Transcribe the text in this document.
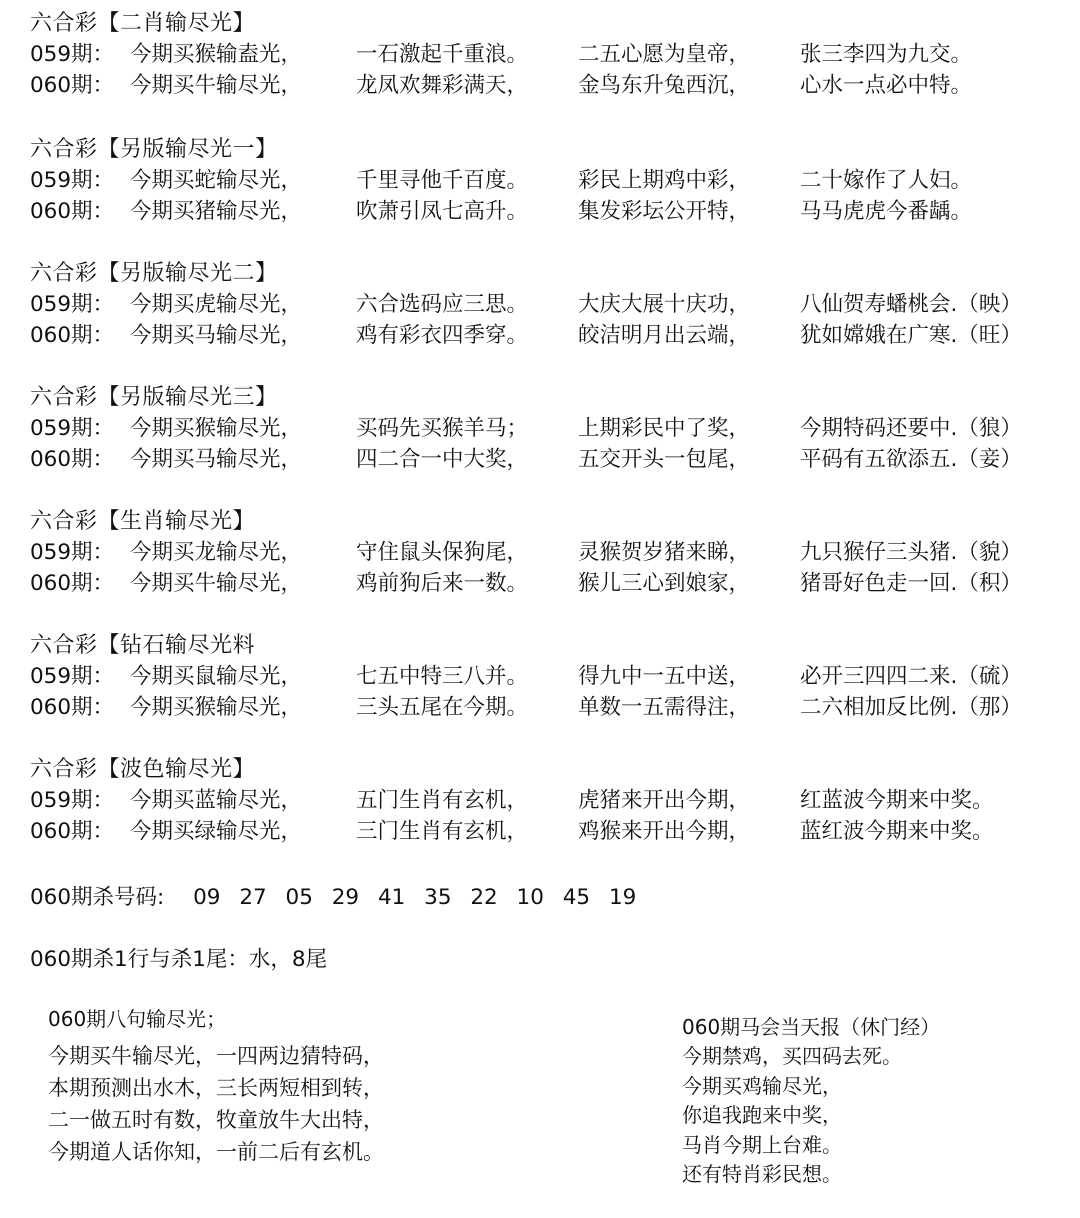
六合彩【二肖输尽光】
059期： 今期买猴输盍光，	一石激起千重浪。 二五心愿为皇帝， 张三李四为九交。
060期： 今期买牛输尽光，	龙凤欢舞彩满天， 金鸟东升兔西沉， 心水一点必中特。
六合彩【另版输尽光一】
059期： 今期买蛇输尽光，	千里寻他千百度。 彩民上期鸡中彩， 二十嫁作了人妇。
060期： 今期买猪输尽光，	吹萧引凤七高升。 集发彩坛公开特， 马马虎虎今番龋。
六合彩【另版输尽光二】
059期： 今期买虎输尽光，	六合选码应三思。 大庆大展十庆功， 八仙贺寿蟠桃会.（映）
060期： 今期买马输尽光，	鸡有彩衣四季穿。 皎洁明月出云端， 犹如嫦娥在广寒.（旺）
六合彩【另版输尽光三】
059期： 今期买猴输尽光，	买码先买猴羊马； 上期彩民中了奖， 今期特码还要中.（狼）
060期： 今期买马输尽光，	四二合一中大奖， 五交开头一包尾， 平码有五欲添五.（妾）
六合彩【生肖输尽光】
059期： 今期买龙输尽光，	守住鼠头保狗尾， 灵猴贺岁猪来睇， 九只猴仔三头猪.（貌）
060期： 今期买牛输尽光，	鸡前狗后来一数。 猴儿三心到娘家， 猪哥好色走一回.（积）
六合彩【钻石输尽光料
059期： 今期买鼠输尽光，	七五中特三八并。 得九中一五中送， 必开三四四二来.（硫）
060期： 今期买猴输尽光，	三头五尾在今期。 单数一五需得注， 二六相加反比例.（那）
六合彩【波色输尽光】
059期： 今期买蓝输尽光，	五门生肖有玄机， 虎猪来开出今期， 红蓝波今期来中奖。
060期： 今期买绿输尽光，	三门生肖有玄机， 鸡猴来开出今期， 蓝红波今期来中奖。
060期杀号码: 09 27 05 29 41 35 22 10 45 19
060期杀1行与杀1尾：水，8尾
060期八句输尽光；
今期买牛输尽光，一四两边猜特码，
本期预测出水木，三长两短相到转，
二一做五时有数，牧童放牛大出特，
今期道人话你知，一前二后有玄机。
060期马会当天报（休门经）
今期禁鸡，买四码去死。
今期买鸡输尽光，
你追我跑来中奖，
马肖今期上台难。
还有特肖彩民想。
